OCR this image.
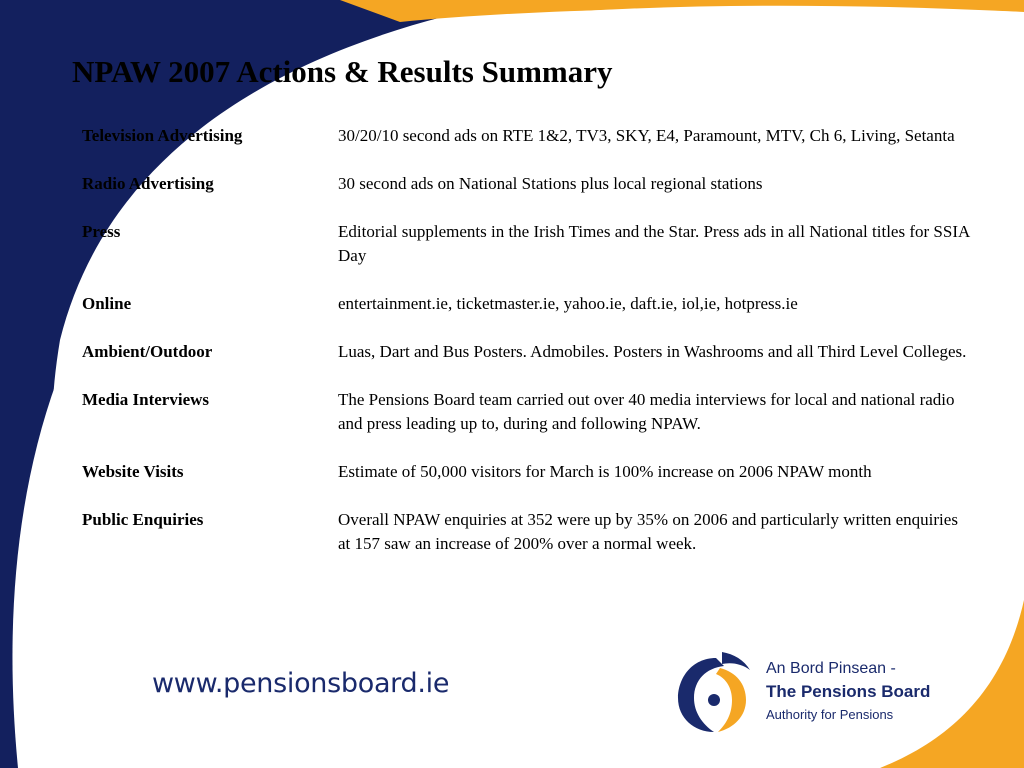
NPAW 2007 Actions & Results Summary
Television Advertising	30/20/10 second ads on RTE 1&2, TV3, SKY, E4, Paramount, MTV, Ch 6, Living, Setanta
Radio Advertising	30 second ads on National Stations plus local regional stations
Press	Editorial supplements in the Irish Times and the Star. Press ads in all National titles for SSIA Day
Online	entertainment.ie, ticketmaster.ie, yahoo.ie, daft.ie, iol,ie, hotpress.ie
Ambient/Outdoor	Luas, Dart and Bus Posters. Admobiles. Posters in Washrooms and all Third Level Colleges.
Media Interviews	The Pensions Board team carried out over 40 media interviews for local and national radio and press leading up to, during and following NPAW.
Website Visits	Estimate of 50,000 visitors for March is 100% increase on 2006 NPAW month
Public Enquiries	Overall NPAW enquiries at 352 were up by 35% on 2006 and particularly written enquiries at 157 saw an increase of 200% over a normal week.
www.pensionsboard.ie	An Bord Pinsean -
The Pensions Board
Authority for Pensions
